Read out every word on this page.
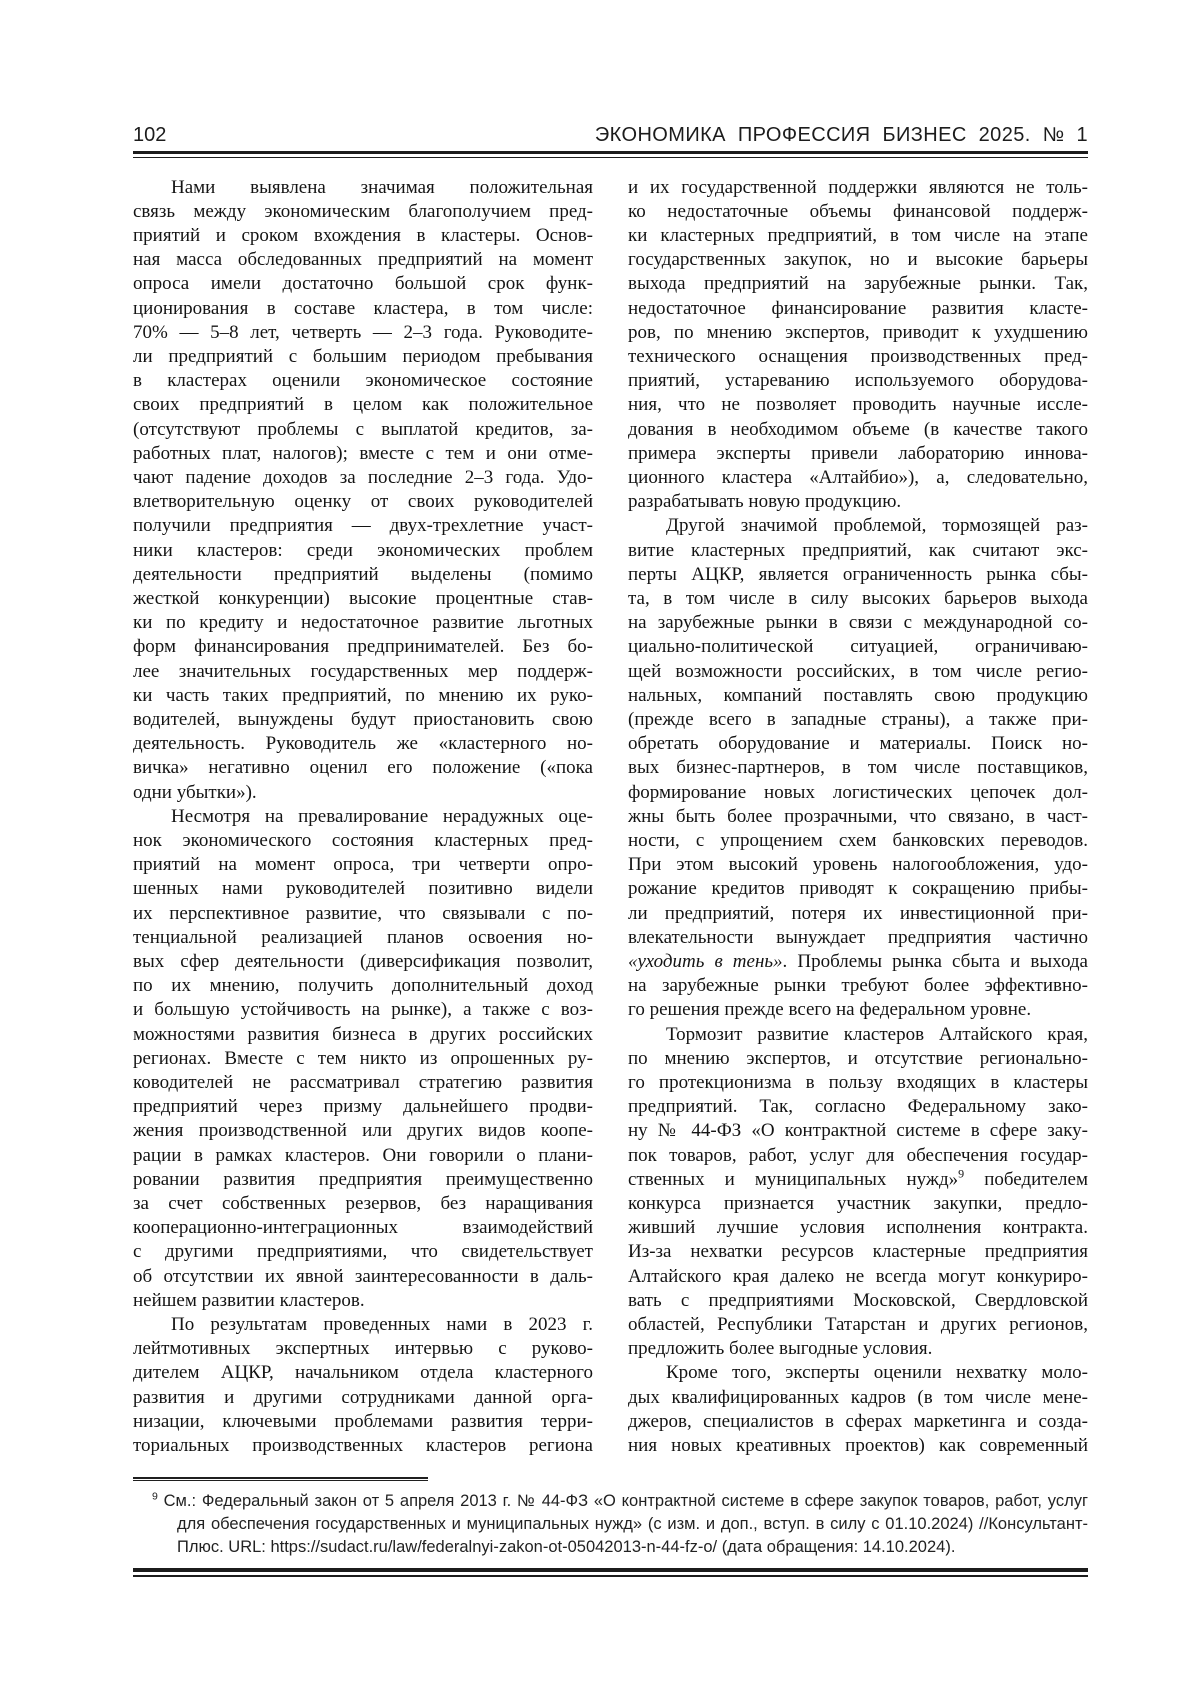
102	ЭКОНОМИКА ПРОФЕССИЯ БИЗНЕС 2025. № 1
Нами выявлена значимая положительная
связь между экономическим благополучием пред-
приятий и сроком вхождения в кластеры. Основ-
ная масса обследованных предприятий на момент
опроса имели достаточно большой срок функ-
ционирования в составе кластера, в том числе:
70% — 5–8 лет, четверть — 2–3 года. Руководите-
ли предприятий с большим периодом пребывания
в кластерах оценили экономическое состояние
своих предприятий в целом как положительное
(отсутствуют проблемы с выплатой кредитов, за-
работных плат, налогов); вместе с тем и они отме-
чают падение доходов за последние 2–3 года. Удо-
влетворительную оценку от своих руководителей
получили предприятия — двух-трехлетние участ-
ники кластеров: среди экономических проблем
деятельности предприятий выделены (помимо
жесткой конкуренции) высокие процентные став-
ки по кредиту и недостаточное развитие льготных
форм финансирования предпринимателей. Без бо-
лее значительных государственных мер поддерж-
ки часть таких предприятий, по мнению их руко-
водителей, вынуждены будут приостановить свою
деятельность. Руководитель же «кластерного но-
вичка» негативно оценил его положение («пока
одни убытки»).
Несмотря на превалирование нерадужных оце-
нок экономического состояния кластерных пред-
приятий на момент опроса, три четверти опро-
шенных нами руководителей позитивно видели
их перспективное развитие, что связывали с по-
тенциальной реализацией планов освоения но-
вых сфер деятельности (диверсификация позволит,
по их мнению, получить дополнительный доход
и большую устойчивость на рынке), а также с воз-
можностями развития бизнеса в других российских
регионах. Вместе с тем никто из опрошенных ру-
ководителей не рассматривал стратегию развития
предприятий через призму дальнейшего продви-
жения производственной или других видов коопе-
рации в рамках кластеров. Они говорили о плани-
ровании развития предприятия преимущественно
за счет собственных резервов, без наращивания
кооперационно-интеграционных взаимодействий
с другими предприятиями, что свидетельствует
об отсутствии их явной заинтересованности в даль-
нейшем развитии кластеров.
По результатам проведенных нами в 2023 г.
лейтмотивных экспертных интервью с руково-
дителем АЦКР, начальником отдела кластерного
развития и другими сотрудниками данной орга-
низации, ключевыми проблемами развития терри-
ториальных производственных кластеров региона
и их государственной поддержки являются не толь-
ко недостаточные объемы финансовой поддерж-
ки кластерных предприятий, в том числе на этапе
государственных закупок, но и высокие барьеры
выхода предприятий на зарубежные рынки. Так,
недостаточное финансирование развития класте-
ров, по мнению экспертов, приводит к ухудшению
технического оснащения производственных пред-
приятий, устареванию используемого оборудова-
ния, что не позволяет проводить научные иссле-
дования в необходимом объеме (в качестве такого
примера эксперты привели лабораторию иннова-
ционного кластера «Алтайбио»), а, следовательно,
разрабатывать новую продукцию.
Другой значимой проблемой, тормозящей раз-
витие кластерных предприятий, как считают экс-
перты АЦКР, является ограниченность рынка сбы-
та, в том числе в силу высоких барьеров выхода
на зарубежные рынки в связи с международной со-
циально-политической ситуацией, ограничиваю-
щей возможности российских, в том числе регио-
нальных, компаний поставлять свою продукцию
(прежде всего в западные страны), а также при-
обретать оборудование и материалы. Поиск но-
вых бизнес-партнеров, в том числе поставщиков,
формирование новых логистических цепочек дол-
жны быть более прозрачными, что связано, в част-
ности, с упрощением схем банковских переводов.
При этом высокий уровень налогообложения, удо-
рожание кредитов приводят к сокращению прибы-
ли предприятий, потеря их инвестиционной при-
влекательности вынуждает предприятия частично
«уходить в тень». Проблемы рынка сбыта и выхода
на зарубежные рынки требуют более эффективно-
го решения прежде всего на федеральном уровне.
Тормозит развитие кластеров Алтайского края,
по мнению экспертов, и отсутствие регионально-
го протекционизма в пользу входящих в кластеры
предприятий. Так, согласно Федеральному зако-
ну № 44-ФЗ «О контрактной системе в сфере заку-
пок товаров, работ, услуг для обеспечения государ-
ственных и муниципальных нужд»$^9$ победителем
конкурса признается участник закупки, предло-
живший лучшие условия исполнения контракта.
Из-за нехватки ресурсов кластерные предприятия
Алтайского края далеко не всегда могут конкуриро-
вать с предприятиями Московской, Свердловской
областей, Республики Татарстан и других регионов,
предложить более выгодные условия.
Кроме того, эксперты оценили нехватку моло-
дых квалифицированных кадров (в том числе мене-
джеров, специалистов в сферах маркетинга и созда-
ния новых креативных проектов) как современный
$^9$ См.: Федеральный закон от 5 апреля 2013 г. № 44-ФЗ «О контрактной системе в сфере закупок товаров, работ, услуг
для обеспечения государственных и муниципальных нужд» (с изм. и доп., вступ. в силу с 01.10.2024) //Консультант-
Плюс. URL: https://sudact.ru/law/federalnyi-zakon-ot-05042013-n-44-fz-o/ (дата обращения: 14.10.2024).
